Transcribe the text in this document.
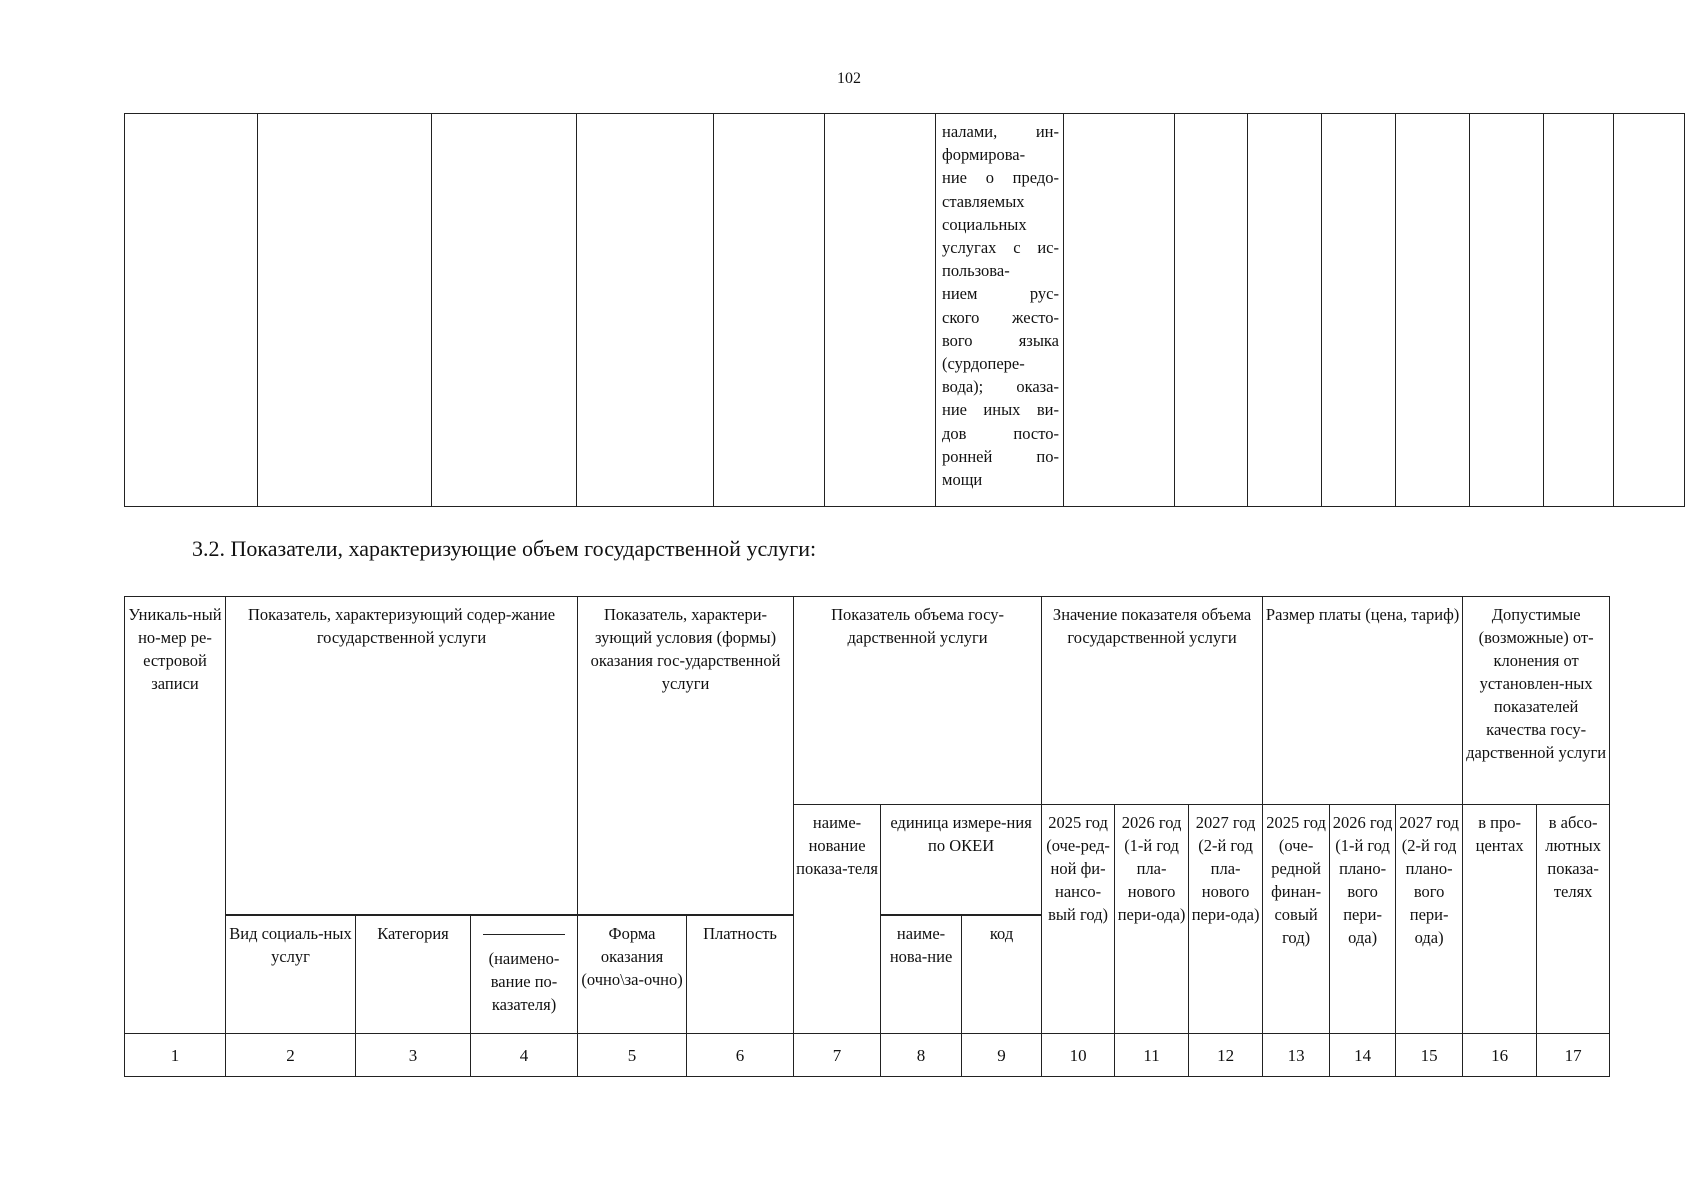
102

налами, ин-
формирова-
ние о предо-
ставляемых
социальных
услугах с ис-
пользова-
нием рус-
ского жесто-
вого языка
(сурдопере-
вода); оказа-
ние иных ви-
дов посто-
ронней по-
мощи

3.2. Показатели, характеризующие объем государственной услуги:
Уникаль-ный но-мер ре-естровой записи	Показатель, характеризующий содер-жание государственной услуги			Показатель, характери-зующий условия (формы) оказания гос-ударственной услуги		Показатель объема госу-дарственной услуги			Значение показателя объема государственной услуги			Размер платы (цена, тариф)			Допустимые (возможные) от-клонения от установлен-ных показателей качества госу-дарственной услуги	
						наиме-нование показа-теля	единица измере-ния по ОКЕИ		2025 год (оче-ред-ной фи-нансо-вый год)	2026 год (1-й год пла-нового пери-ода)	2027 год (2-й год пла-нового пери-ода)	2025 год (оче-редной финан-совый год)	2026 год (1-й год плано-вого пери-ода)	2027 год (2-й год плано-вого пери-ода)	в про-центах	в абсо-лютных показа-телях

	Вид социаль-ных услуг	Категория	(наимено-вание по-казателя)	Форма оказания (очно\за-очно)	Платность		наиме-нова-ние	код								
1	2	3	4	5	6	7	8	9	10	11	12	13	14	15	16	17
